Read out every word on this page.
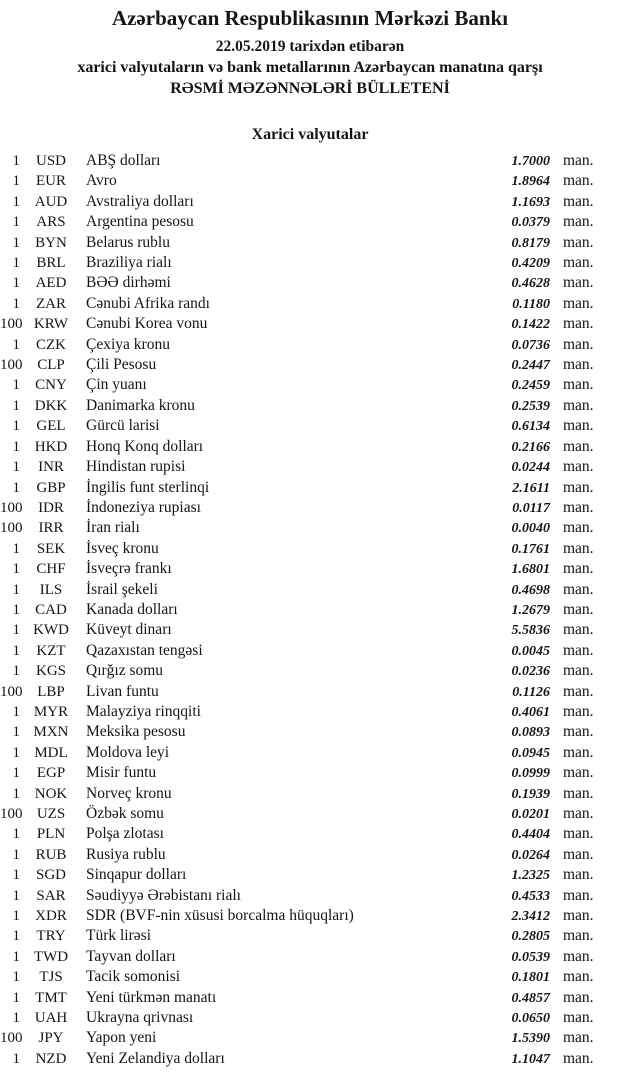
Azərbaycan Respublikasının Mərkəzi Bankı
22.05.2019 tarixdən etibarən
xarici valyutaların və bank metallarının Azərbaycan manatına qarşı
RƏSMİ MƏZƏNNƏLƏRİ BÜLLETENİ
Xarici valyutalar
1	USD	ABŞ dolları	1.7000 man.
1	EUR	Avro	1.8964 man.
1 AUD	Avstraliya dolları	1.1693 man.
1	ARS	Argentina pesosu	0.0379 man.
1	BYN	Belarus rublu	0.8179 man.
1	BRL	Braziliya rialı	0.4209 man.
1	AED	BƏƏ dirhəmi	0.4628 man.
1	ZAR	Cənubi Afrika randı	0.1180 man.
100 KRW	Cənubi Korea vonu	0.1422 man.
1	CZK	Çexiya kronu	0.0736 man.
100 CLP	Çili Pesosu	0.2447 man.
1	CNY	Çin yuanı	0.2459 man.
1 DKK	Danimarka kronu	0.2539 man.
1	GEL	Gürcü larisi	0.6134 man.
1 HKD	Honq Konq dolları	0.2166 man.
1	INR	Hindistan rupisi	0.0244 man.
1	GBP	İngilis funt sterlinqi	2.1611 man.
100	IDR	İndoneziya rupiası	0.0117 man.
100	IRR	İran rialı	0.0040 man.
1	SEK	İsveç kronu	0.1761 man.
1	CHF	İsveçrə frankı	1.6801 man.
1	ILS	İsrail şekeli	0.4698 man.
1	CAD	Kanada dolları	1.2679 man.
1 KWD	Küveyt dinarı	5.5836 man.
1	KZT	Qazaxıstan tengəsi	0.0045 man.
1	KGS	Qırğız somu	0.0236 man.
100 LBP	Livan funtu	0.1126 man.
1 MYR	Malayziya rinqqiti	0.4061 man.
1 MXN	Meksika pesosu	0.0893 man.
1 MDL	Moldova leyi	0.0945 man.
1	EGP	Misir funtu	0.0999 man.
1 NOK	Norveç kronu	0.1939 man.
100 UZS	Özbək somu	0.0201 man.
1	PLN	Polşa zlotası	0.4404 man.
1	RUB	Rusiya rublu	0.0264 man.
1	SGD	Sinqapur dolları	1.2325 man.
1	SAR	Səudiyyə Ərəbistanı rialı	0.4533 man.
1	XDR	SDR (BVF-nin xüsusi borcalma hüquqları)	2.3412 man.
1	TRY	Türk lirəsi	0.2805 man.
1 TWD	Tayvan dolları	0.0539 man.
1	TJS	Tacik somonisi	0.1801 man.
1	TMT	Yeni türkmən manatı	0.4857 man.
1 UAH	Ukrayna qrivnası	0.0650 man.
100	JPY	Yapon yeni	1.5390 man.
1	NZD	Yeni Zelandiya dolları	1.1047 man.
